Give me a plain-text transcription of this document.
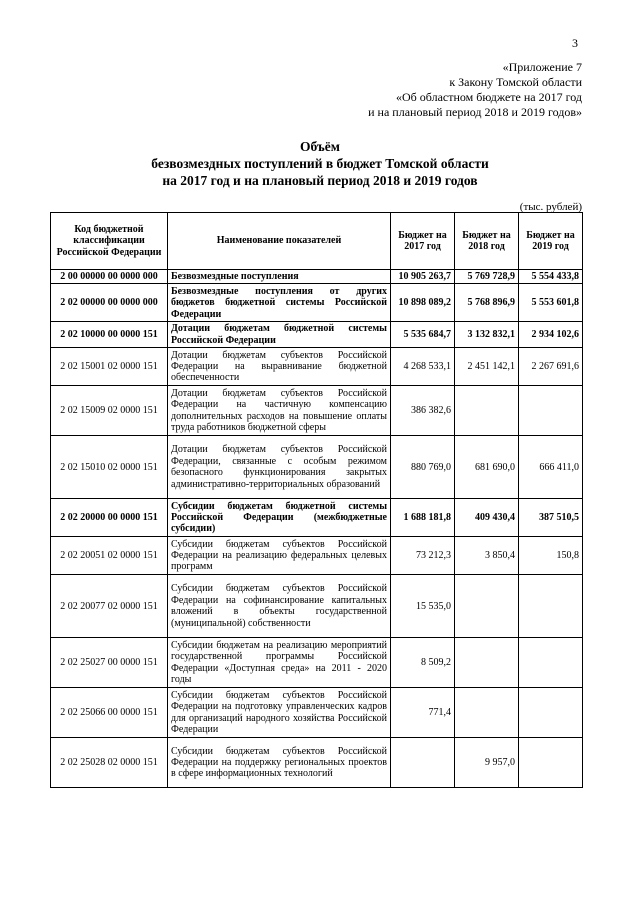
3
«Приложение 7
к Закону Томской области
«Об областном бюджете на 2017 год
и на плановый период 2018 и 2019 годов»
Объём
безвозмездных поступлений в бюджет Томской области
на 2017 год и на плановый период 2018 и 2019 годов
(тыс. рублей)
Код бюджетной классификации Российской Федерации	Наименование показателей	Бюджет на 2017 год	Бюджет на 2018 год	Бюджет на 2019 год
2 00 00000 00 0000 000	Безвозмездные поступления	10 905 263,7	5 769 728,9	5 554 433,8
2 02 00000 00 0000 000	Безвозмездные поступления от других бюджетов бюджетной системы Российской Федерации	10 898 089,2	5 768 896,9	5 553 601,8
2 02 10000 00 0000 151	Дотации бюджетам бюджетной системы Российской Федерации	5 535 684,7	3 132 832,1	2 934 102,6
2 02 15001 02 0000 151	Дотации бюджетам субъектов Российской Федерации на выравнивание бюджетной обеспеченности	4 268 533,1	2 451 142,1	2 267 691,6
2 02 15009 02 0000 151	Дотации бюджетам субъектов Российской Федерации на частичную компенсацию дополнительных расходов на повышение оплаты труда работников бюджетной сферы	386 382,6		
2 02 15010 02 0000 151	Дотации бюджетам субъектов Российской Федерации, связанные с особым режимом безопасного функционирования закрытых административно-территориальных образований	880 769,0	681 690,0	666 411,0
2 02 20000 00 0000 151	Субсидии бюджетам бюджетной системы Российской Федерации (межбюджетные субсидии)	1 688 181,8	409 430,4	387 510,5
2 02 20051 02 0000 151	Субсидии бюджетам субъектов Российской Федерации на реализацию федеральных целевых программ	73 212,3	3 850,4	150,8
2 02 20077 02 0000 151	Субсидии бюджетам субъектов Российской Федерации на софинансирование капитальных вложений в объекты государственной (муниципальной) собственности	15 535,0		
2 02 25027 00 0000 151	Субсидии бюджетам на реализацию мероприятий государственной программы Российской Федерации «Доступная среда» на 2011 - 2020 годы	8 509,2		
2 02 25066 00 0000 151	Субсидии бюджетам субъектов Российской Федерации на подготовку управленческих кадров для организаций народного хозяйства Российской Федерации	771,4		
2 02 25028 02 0000 151	Субсидии бюджетам субъектов Российской Федерации на поддержку региональных проектов в сфере информационных технологий		9 957,0	
